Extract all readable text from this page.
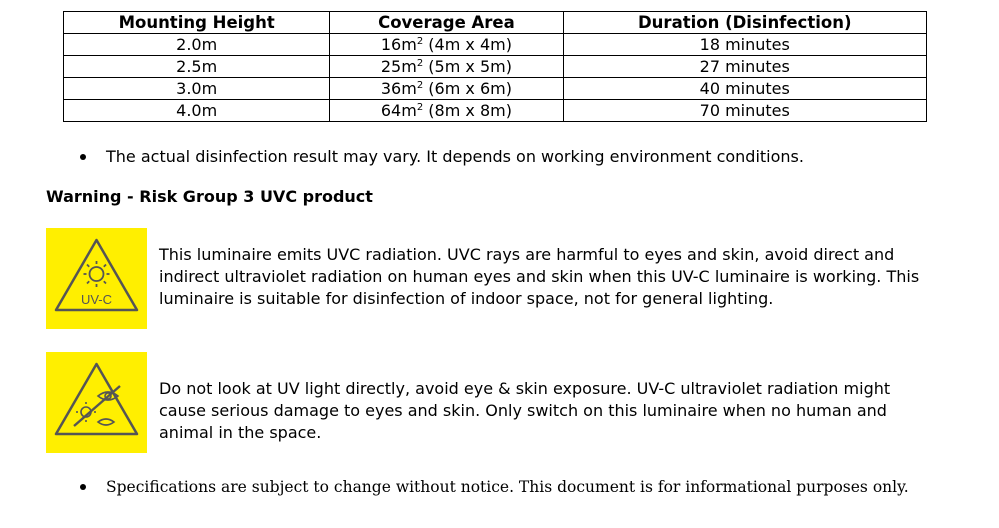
Mounting Height	Coverage Area	Duration (Disinfection)
2.0m	$16m^2$ (4m x 4m)	18 minutes
2.5m	$25m^2$ (5m x 5m)	27 minutes
3.0m	$36m^2$ (6m x 6m)	40 minutes
4.0m	$64m^2$ (8m x 8m)	70 minutes
The actual disinfection result may vary. It depends on working environment conditions.
Warning - Risk Group 3 UVC product
UV-C
This luminaire emits UVC radiation. UVC rays are harmful to eyes and skin, avoid direct and indirect ultraviolet radiation on human eyes and skin when this UV-C luminaire is working. This luminaire is suitable for disinfection of indoor space, not for general lighting.
Do not look at UV light directly, avoid eye & skin exposure. UV-C ultraviolet radiation might cause serious damage to eyes and skin. Only switch on this luminaire when no human and animal in the space.
Specifications are subject to change without notice. This document is for informational purposes only.
